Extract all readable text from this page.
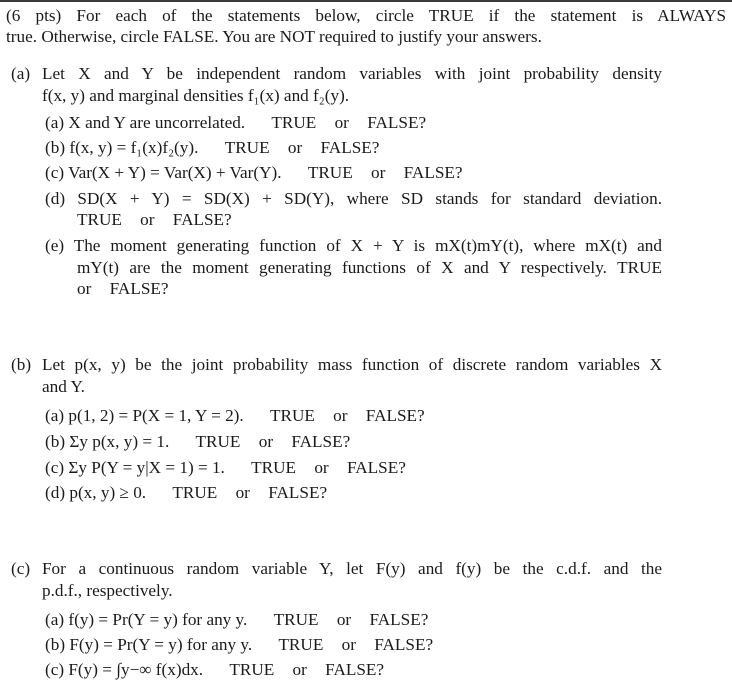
(6 pts) For each of the statements below, circle TRUE if the statement is ALWAYS
true. Otherwise, circle FALSE. You are NOT required to justify your answers.
(a) Let X and Y be independent random variables with joint probability density
f(x, y) and marginal densities f₁(x) and f₂(y).
(a) X and Y are uncorrelated. TRUE or FALSE?
(b) f(x, y) = f₁(x)f₂(y). TRUE or FALSE?
(c) Var(X + Y) = Var(X) + Var(Y). TRUE or FALSE?
(d) SD(X + Y) = SD(X) + SD(Y), where SD stands for standard deviation.
TRUE or FALSE?
(e) The moment generating function of X + Y is mX(t)mY(t), where mX(t) and
mY(t) are the moment generating functions of X and Y respectively. TRUE
or FALSE?
(b) Let p(x, y) be the joint probability mass function of discrete random variables X
and Y.
(a) p(1, 2) = P(X = 1, Y = 2). TRUE or FALSE?
(b) Σy p(x, y) = 1. TRUE or FALSE?
(c) Σy P(Y = y|X = 1) = 1. TRUE or FALSE?
(d) p(x, y) ≥ 0. TRUE or FALSE?
(c) For a continuous random variable Y, let F(y) and f(y) be the c.d.f. and the
p.d.f., respectively.
(a) f(y) = Pr(Y = y) for any y. TRUE or FALSE?
(b) F(y) = Pr(Y = y) for any y. TRUE or FALSE?
(c) F(y) = ∫y−∞ f(x)dx. TRUE or FALSE?
